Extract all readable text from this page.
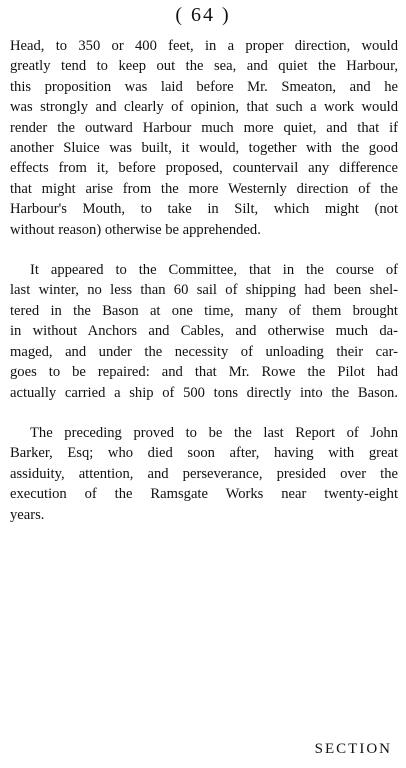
( 64 )
Head, to 350 or 400 feet, in a proper direction, would
greatly tend to keep out the sea, and quiet the Harbour,
this proposition was laid before Mr. Smeaton, and he
was strongly and clearly of opinion, that such a work would
render the outward Harbour much more quiet, and that if
another Sluice was built, it would, together with the good
effects from it, before proposed, countervail any difference
that might arise from the more Westernly direction of the
Harbour's Mouth, to take in Silt, which might (not
without reason) otherwise be apprehended.
It appeared to the Committee, that in the course of
last winter, no less than 60 sail of shipping had been shel-
tered in the Bason at one time, many of them brought
in without Anchors and Cables, and otherwise much da-
maged, and under the necessity of unloading their car-
goes to be repaired: and that Mr. Rowe the Pilot had
actually carried a ship of 500 tons directly into the Bason.
The preceding proved to be the last Report of John
Barker, Esq; who died soon after, having with great
assiduity, attention, and perseverance, presided over the
execution of the Ramsgate Works near twenty-eight
years.
SECTION
